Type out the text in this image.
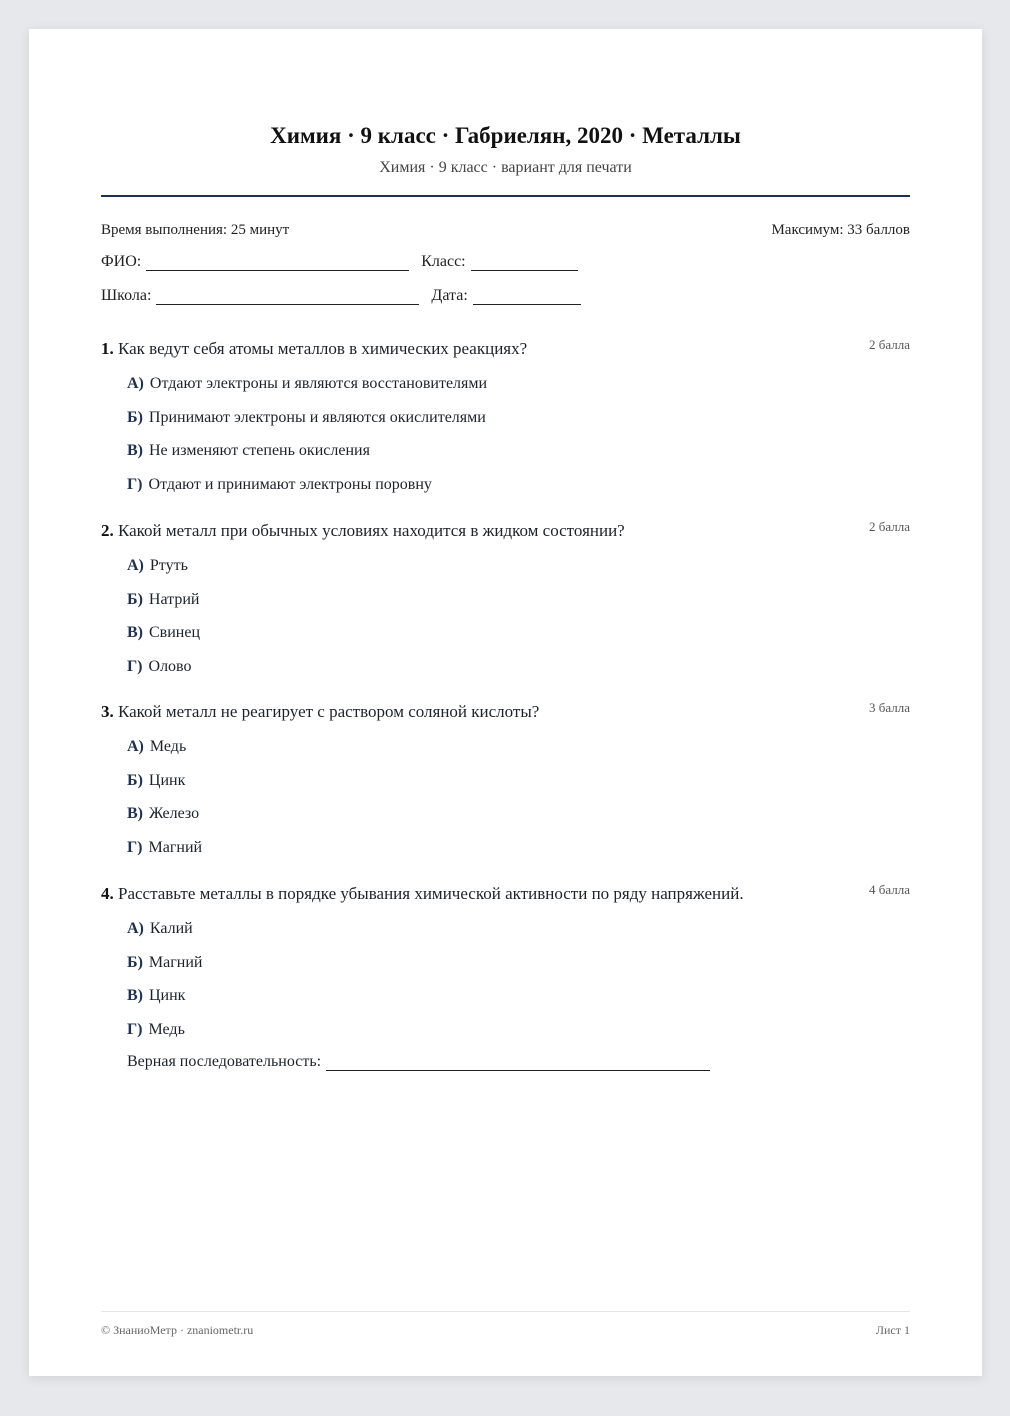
Химия · 9 класс · Габриелян, 2020 · Металлы
Химия · 9 класс · вариант для печати
Время выполнения: 25 минут	Максимум: 33 баллов
ФИО:	Класс:
Школа:	Дата:
1. Как ведут себя атомы металлов в химических реакциях?	2 балла
А) Отдают электроны и являются восстановителями
Б) Принимают электроны и являются окислителями
В) Не изменяют степень окисления
Г) Отдают и принимают электроны поровну
2. Какой металл при обычных условиях находится в жидком состоянии?	2 балла
А) Ртуть
Б) Натрий
В) Свинец
Г) Олово
3. Какой металл не реагирует с раствором соляной кислоты?	3 балла
А) Медь
Б) Цинк
В) Железо
Г) Магний
4. Расставьте металлы в порядке убывания химической активности по ряду напряжений.	4 балла
А) Калий
Б) Магний
В) Цинк
Г) Медь
Верная последовательность:
© ЗнаниоМетр · znaniometr.ru	Лист 1
